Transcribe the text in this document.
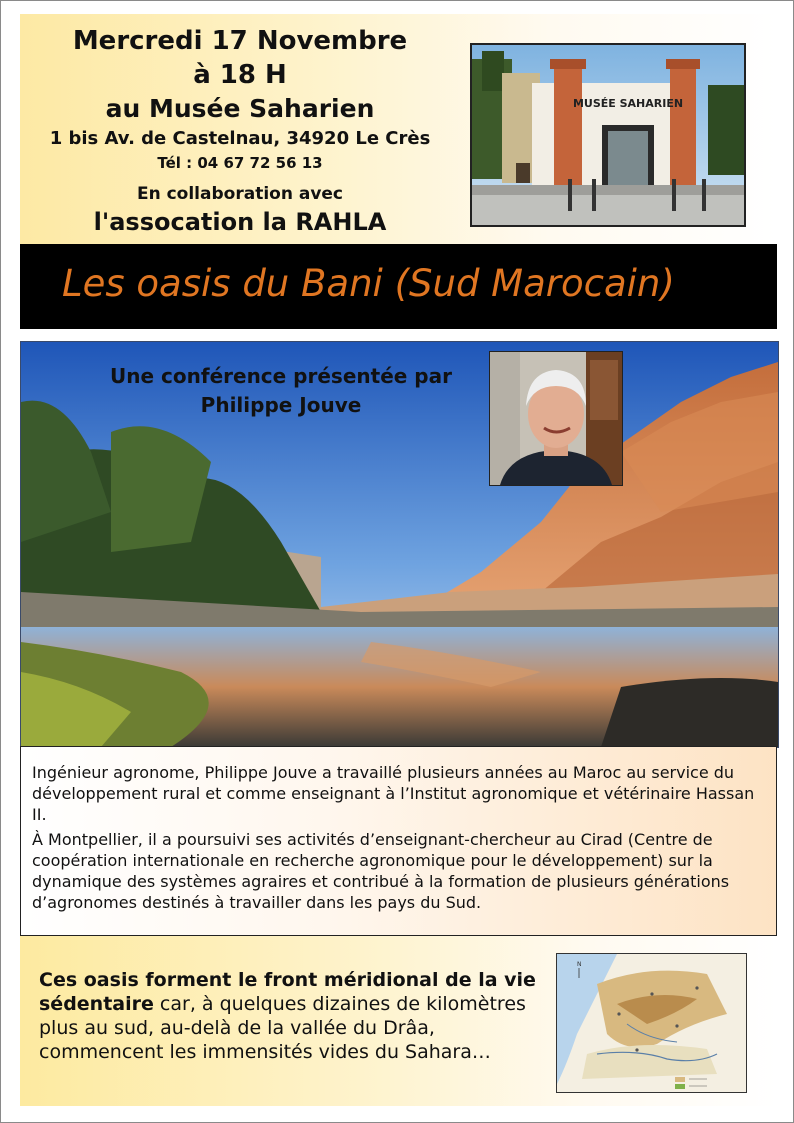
Mercredi 17 Novembre
à 18 H
au Musée Saharien
1 bis Av. de Castelnau, 34920 Le Crès
Tél : 04 67 72 56 13
En collaboration avec
l'assocation la RAHLA
MUSÉE SAHARIEN
Les oasis du Bani (Sud Marocain)
Une conférence présentée par
Philippe Jouve

Ingénieur agronome, Philippe Jouve a travaillé plusieurs années au Maroc au service du développement rural et comme enseignant à l’Institut agronomique et vétérinaire Hassan II.

À Montpellier, il a poursuivi ses activités d’enseignant-chercheur au Cirad (Centre de coopération internationale en recherche agronomique pour le développement) sur la dynamique des systèmes agraires et contribué à la formation de plusieurs générations d’agronomes destinés à travailler dans les pays du Sud.

Ces oasis forment le front méridional de la vie sédentaire car, à quelques dizaines de kilomètres plus au sud, au-delà de la vallée du Drâa, commencent les immensités vides du Sahara…

N
